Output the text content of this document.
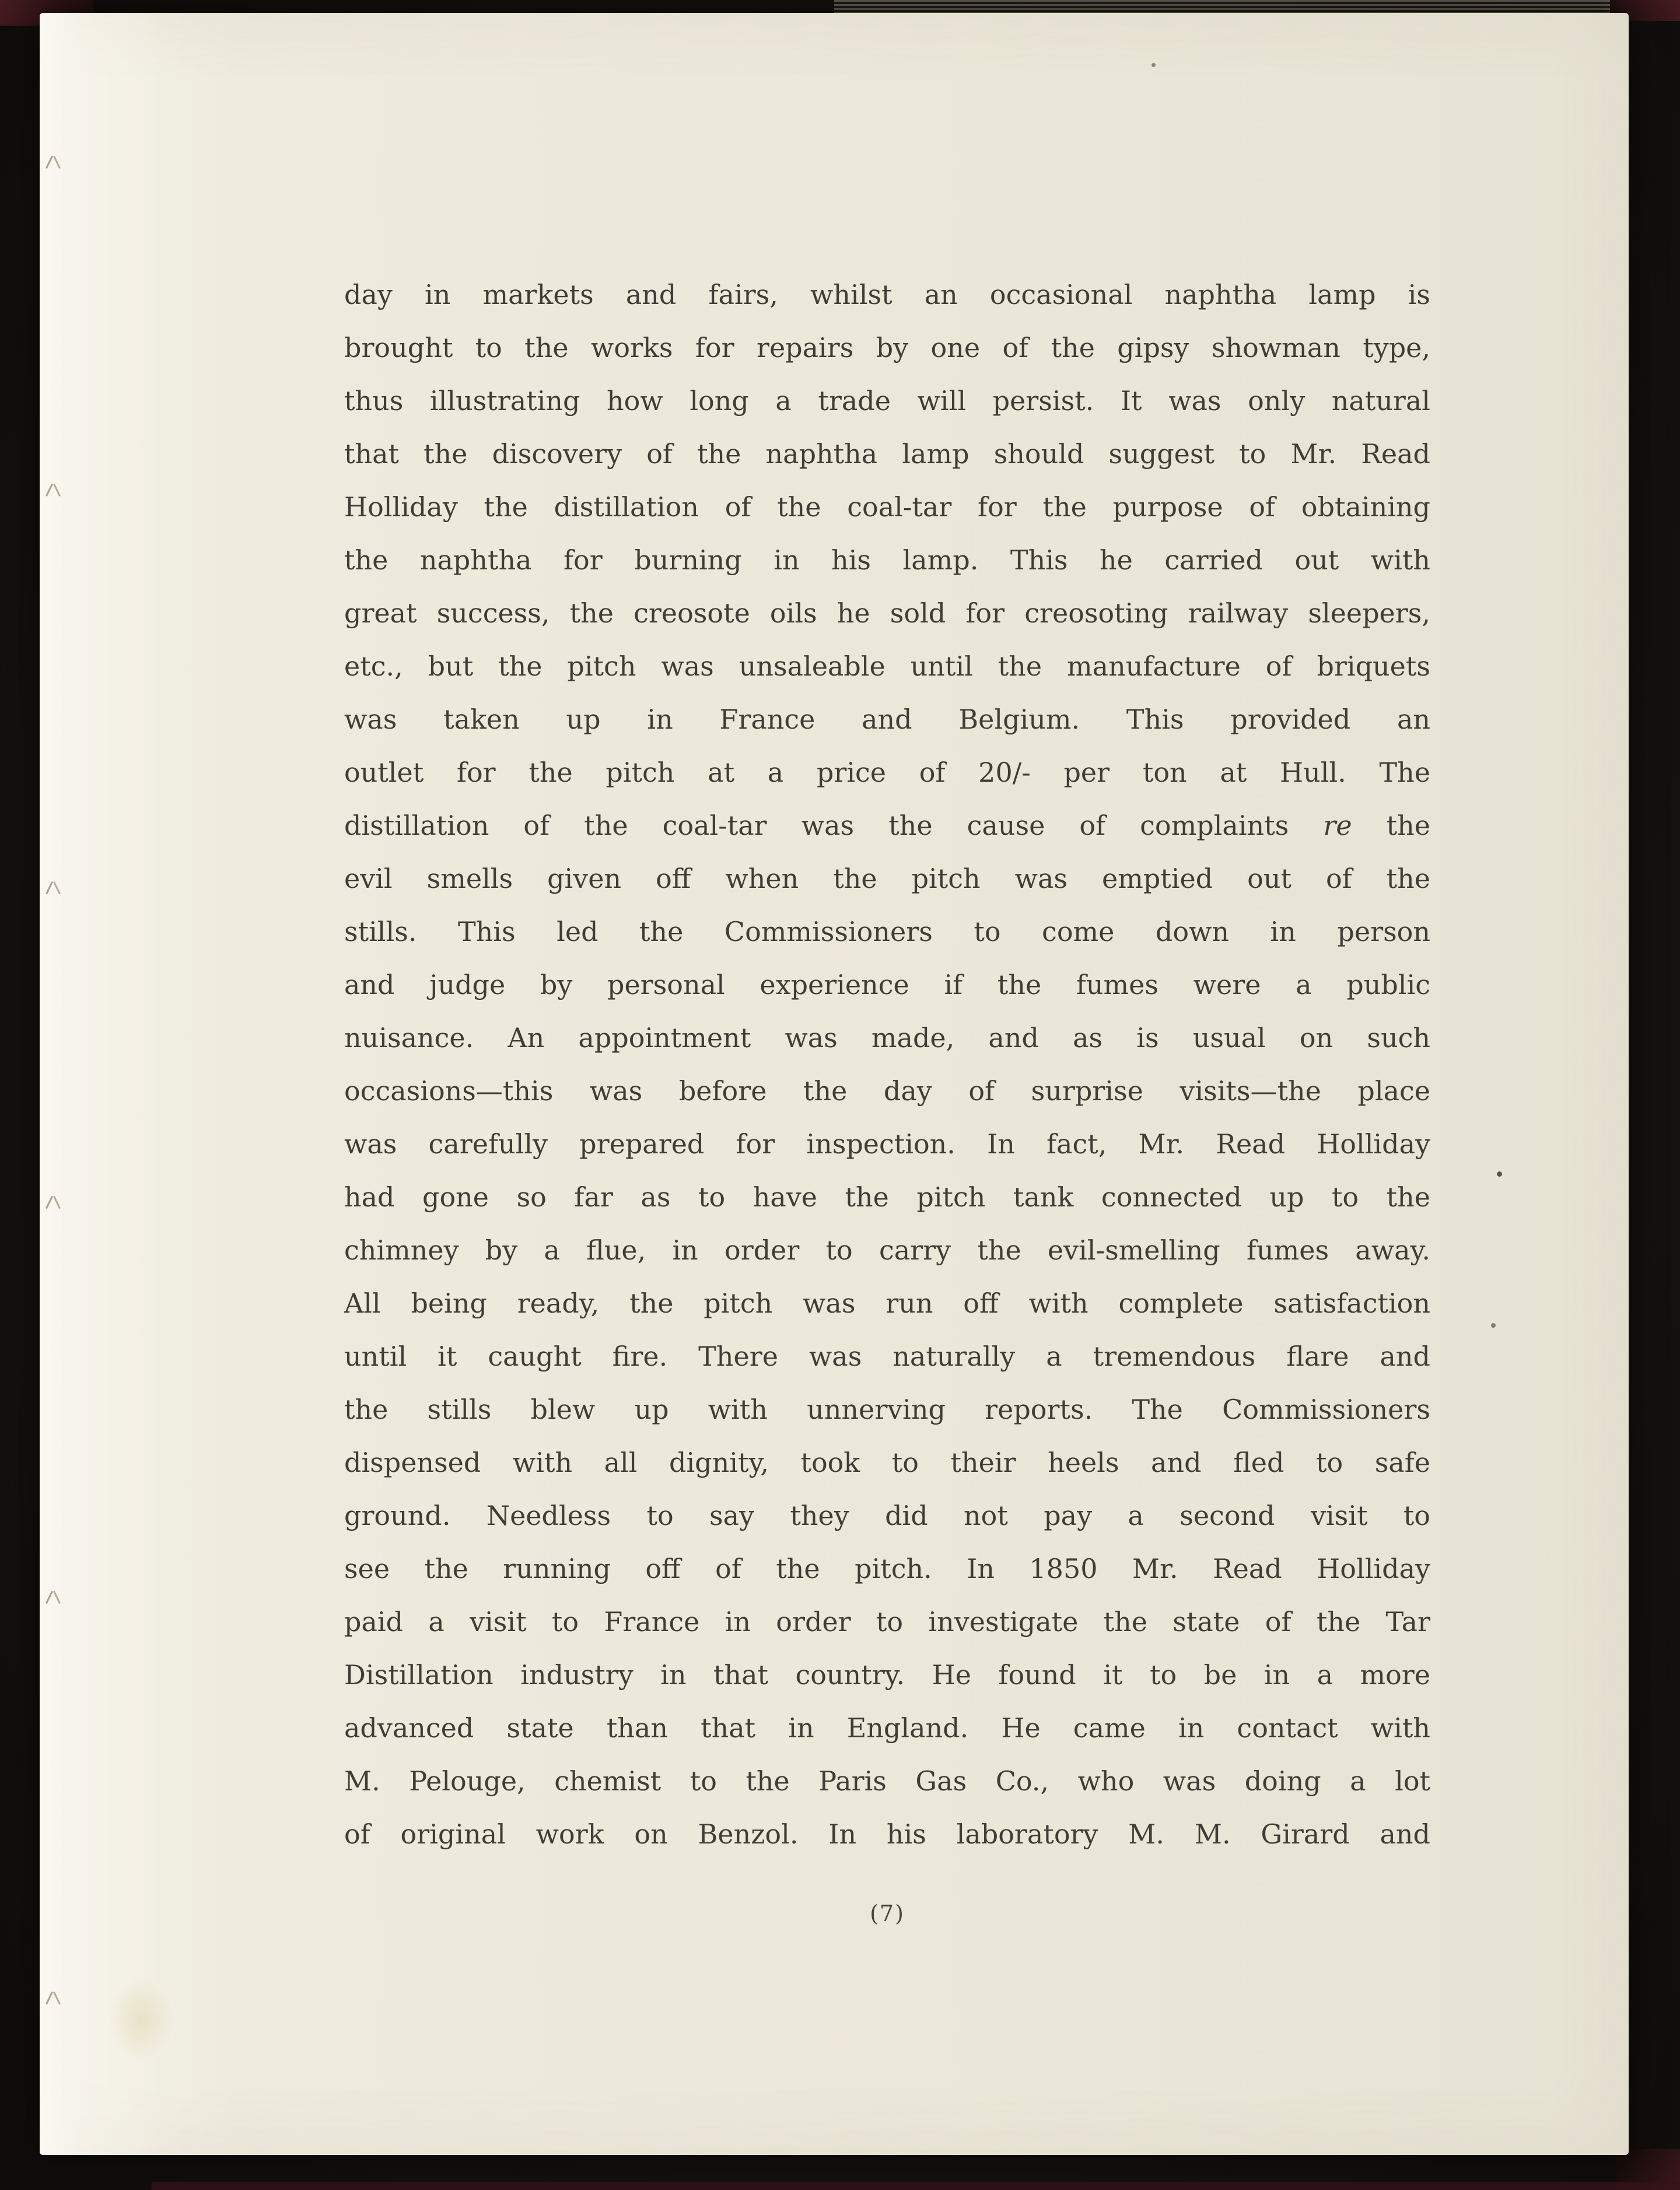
day in markets and fairs, whilst an occasional naphtha lamp is
brought to the works for repairs by one of the gipsy showman type,
thus illustrating how long a trade will persist. It was only natural
that the discovery of the naphtha lamp should suggest to Mr. Read
Holliday the distillation of the coal-tar for the purpose of obtaining
the naphtha for burning in his lamp. This he carried out with
great success, the creosote oils he sold for creosoting railway sleepers,
etc., but the pitch was unsaleable until the manufacture of briquets
was taken up in France and Belgium. This provided an
outlet for the pitch at a price of 20/- per ton at Hull. The
distillation of the coal-tar was the cause of complaints re the
evil smells given off when the pitch was emptied out of the
stills. This led the Commissioners to come down in person
and judge by personal experience if the fumes were a public
nuisance. An appointment was made, and as is usual on such
occasions—this was before the day of surprise visits—the place
was carefully prepared for inspection. In fact, Mr. Read Holliday
had gone so far as to have the pitch tank connected up to the
chimney by a flue, in order to carry the evil-smelling fumes away.
All being ready, the pitch was run off with complete satisfaction
until it caught fire. There was naturally a tremendous flare and
the stills blew up with unnerving reports. The Commissioners
dispensed with all dignity, took to their heels and fled to safe
ground. Needless to say they did not pay a second visit to
see the running off of the pitch. In 1850 Mr. Read Holliday
paid a visit to France in order to investigate the state of the Tar
Distillation industry in that country. He found it to be in a more
advanced state than that in England. He came in contact with
M. Pelouge, chemist to the Paris Gas Co., who was doing a lot
of original work on Benzol. In his laboratory M. M. Girard and
(7)
